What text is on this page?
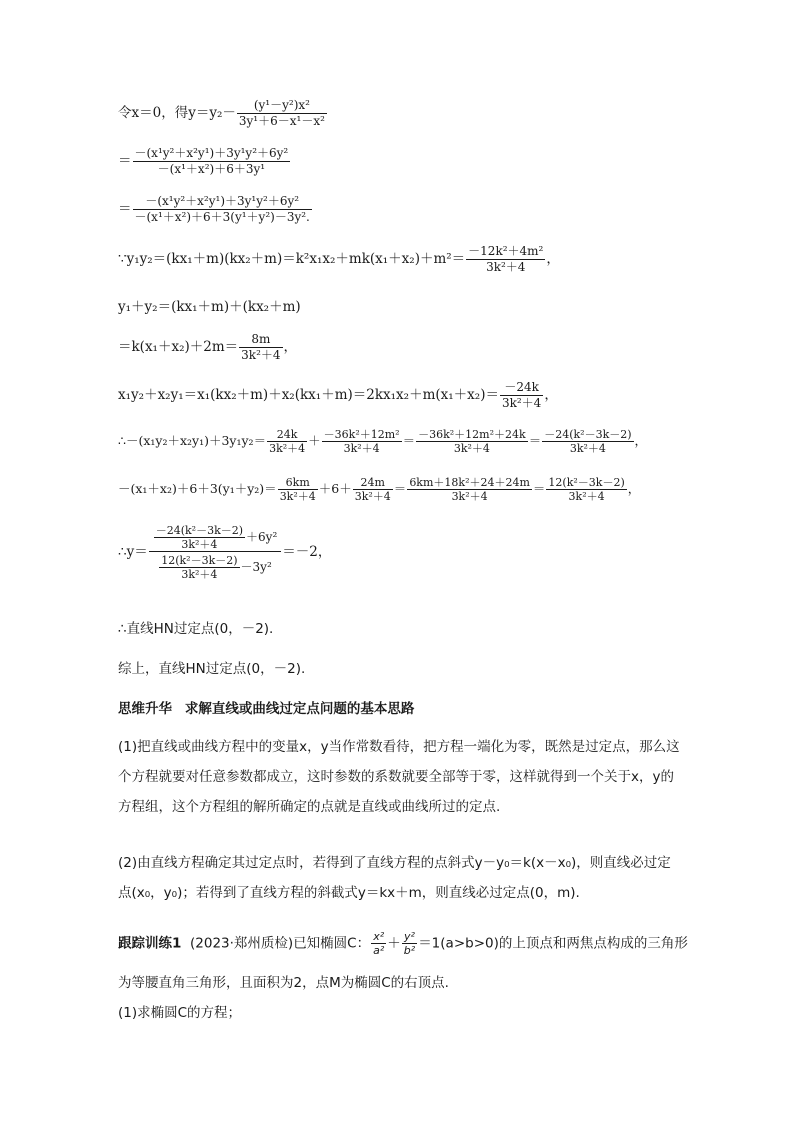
令x＝0，得$y=y_2- \frac{\text{(y¹－y²)x²}}{\text{3y¹＋6－x¹－x²}}$
＝ $\frac{\text{－(x¹y²＋x²y¹)＋3y¹y²＋6y²}}{\text{－(x¹＋x²)＋6＋3y¹}}$
＝ $\frac{\text{－(x¹y²＋x²y¹)＋3y¹y²＋6y²}}{\text{－(x¹＋x²)＋6＋3(y¹＋y²)－3y².}}$
∵y₁y₂＝(kx₁＋m)(kx₂＋m)＝k²x₁x₂＋mk(x₁＋x₂)＋m²＝ $\frac{\text{－12k²＋4m²}}{\text{3k²＋4}}$ ，
y₁＋y₂＝(kx₁＋m)＋(kx₂＋m)
$=k(x_1+x_2)+2m= \frac{8m}{\text{3k²＋4}}$ ，
$x_1y_2+x_2y_1=x_1(kx_2+m)+x_2(kx_1+m)=2kx_1x_2+m(x_1+x_2)= \frac{-24k}{\text{3k²＋4}}$ ，
∴－(x₁y₂＋x₂y₁)＋3y₁y₂＝ $\frac{24k}{\text{3k²＋4}} + \frac{\text{－36k²＋12m²}}{\text{3k²＋4}} = \frac{\text{－36k²＋12m²＋24k}}{\text{3k²＋4}} = \frac{\text{－24(k²－3k－2)}}{\text{3k²＋4}}$ ，
$-(x_1+x_2)+6+3(y_1+y_2)= \frac{6km}{\text{3k²＋4}} +6+ \frac{24m}{\text{3k²＋4}} = \frac{\text{6km＋18k²＋24＋24m}}{\text{3k²＋4}} = \frac{\text{12(k²－3k－2)}}{\text{3k²＋4}}$ ，
∴y＝ $\frac{\frac{\text{－24(k²－3k－2)}}{\text{3k²＋4}} +6y^2}{\frac{\text{12(k²－3k－2)}}{\text{3k²＋4}} -3y^2} =-2$，
∴直线HN过定点(0，－2).
综上，直线HN过定点(0，－2).
思维升华 求解直线或曲线过定点问题的基本思路
(1)把直线或曲线方程中的变量x，y当作常数看待，把方程一端化为零，既然是过定点，那么这个方程就要对任意参数都成立，这时参数的系数就要全部等于零，这样就得到一个关于x，y的方程组，这个方程组的解所确定的点就是直线或曲线所过的定点.
(2)由直线方程确定其过定点时，若得到了直线方程的点斜式y－y₀＝k(x－x₀)，则直线必过定点(x₀，y₀)；若得到了直线方程的斜截式y＝kx＋m，则直线必过定点(0，m).
跟踪训练1 (2023·郑州质检)已知椭圆C： $\frac{\text{x²}}{\text{a²}} + \frac{\text{y²}}{\text{b²}} =1(a>b>0)$的上顶点和两焦点构成的三角形
为等腰直角三角形，且面积为2，点M为椭圆C的右顶点.
(1)求椭圆C的方程；
